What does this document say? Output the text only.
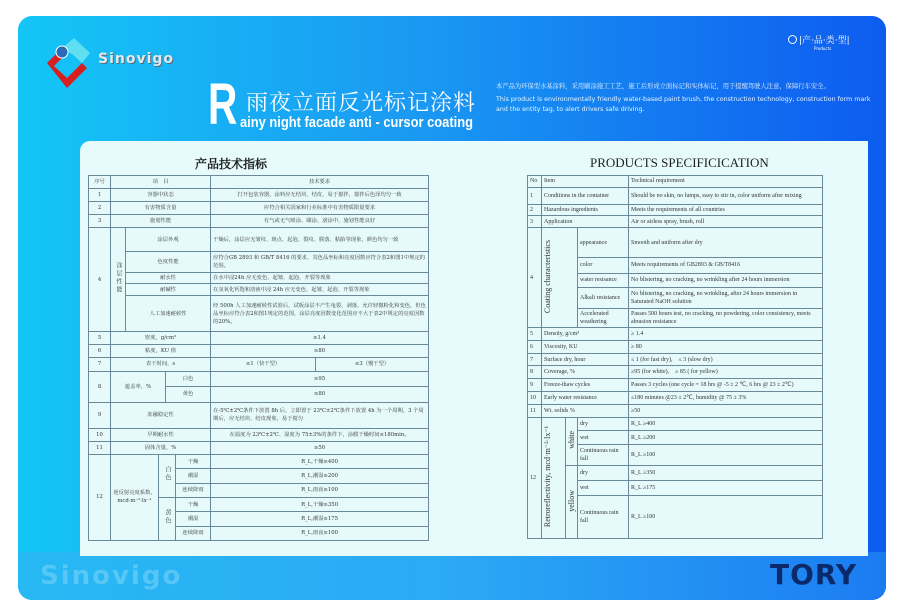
Sinovigo
|产·品·类·型|
Products
R 雨夜立面反光标记涂料
ainy night facade anti - cursor coating

本产品为环保型水基涂料，采用刷涂施工工艺，施工后形成立面标记和实体标记，用于提醒驾驶人注意，保障行车安全。

This product is environmentally friendly water-based paint brush, the construction technology, construction form mark and the entity tag, to alert drivers safe driving.

Sinovigo	TORY
产品技术指标	PRODUCTS SPECIFICICATION
序号	项　目					技术要求	
1	容器中状态					打开包装容器，涂料应无结块、结皮，易于搅拌，搅拌后色泽均匀一致	
2	有害物质含量					应符合相关国家和行业标准中有害物质限量要求	
3	施划性能					有气或无气喷涂、刷涂、滚涂中，施划性能良好	
4	涂层性能	涂层外观				干燥后，涂层应无皱纹、斑点、起泡、裂纹、脱落、粘胎等现象，颜色均匀一致	
		色度性能				应符合GB 2893 和 GB/T 8416 的要求，其色品坐标和亮度因数应符合表2和图1中规定的范围。	
		耐水性				在水中浸24h 应无变色、起皱、起泡、开裂等现象	
		耐碱性				在氢氧化钙饱和溶液中浸 24h 应无变色、起皱、起泡、开裂等现象	
		人工加速耐候性				经 500h 人工加速耐候性试验后，试板涂层不产生龟裂、剥落，允许轻微粉化和变色，但色品坐标应符合表2和图1规定的范围，涂层亮度因数变化范围应不大于表2中规定的亮度因数的20%。	
5	密度，g/cm³					≥1.4	
6	粘度，KU 值					≥80	
7	表干时间，s					≤1（快干型）	≤3（慢干型）
8	遮盖率，%			白色		≥95	
				黄色		≥80	
9	冻融稳定性					在-5℃±2℃条件下放置 8h 后，立即置于 23℃±2℃条件下放置 4h 为一个周期，3 个周期后，应无结块、结皮现象，易于搅匀	
10	早期耐水性					在温度为 23℃±2℃、湿度为 75±3%的条件下，涂膜干燥时间≤180min。	
11	固体含量，%					≥50	
12	逆反射亮度系数，mcd·m⁻²·lx⁻¹		白色		干燥	R_L,干燥≥400	
					潮湿	R_L,潮湿≥200	
					连续降雨	R_L,雨夜≥100	
			黄色		干燥	R_L,干燥≥350	
					潮湿	R_L,潮湿≥175	
					连续降雨	R_L,雨夜≥100	
No	Item			Technical requirement
1	Conditions in the container			Should be no skin, no lumps, easy to stir in, color uniform after mixing
2	Hazardous ingredients			Meets the requirements of all countries
3	Application			Air or airless spray, brush, roll
4	Coating characteristics		appearance	Smooth and uniform after dry
			color	Meets requirements of GB2893 & GB/T8416
			water resisance	No blistering, no cracking, no wrinkling after 24 hours immersion
			Alkali resistance	No blistering, no cracking, no wrinkling, after 24 hours immersion in Saturated NaOH solution
			Accelerated weathering	Passes 500 hours test, no cracking, no powdering, color consistency, meets abrasion resistance
5	Density, g/cm³			≥ 1.4
6	Viscosity, KU			≥ 80
7	Surface dry, hour			≤ 1 (for fast dry),　≤ 3 (slow dry)
8	Coverage, %			≥95 (for white),　≥ 85 ( for yellow)
9	Freeze-thaw cycles			Passes 3 cycles (one cycle = 18 hrs @ -5 ± 2 ℃, 6 hrs @ 23 ± 2℃)
10	Early water resistance			≤180 minutes @23 ± 2℃, humidity @ 75 ± 3%
11	Wt. solids %			≥50
12	Retroreflectivity, mcd·m⁻²·lx⁻¹	white	dry	R_L ≥400
			wet	R_L ≥200
			Continuous rain fall	R_L ≥100
		yellow	dry	R_L ≥350
			wet	R_L ≥175
			Continuous rain fall	R_L ≥100
